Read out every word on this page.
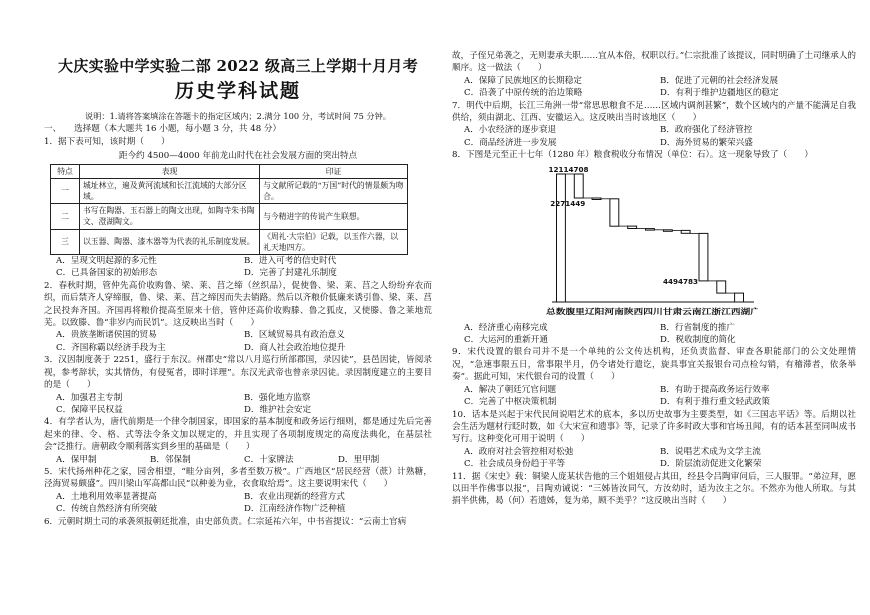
大庆实验中学实验二部 2022 级高三上学期十月月考
历史学科试题
说明：1.请将答案填涂在答题卡的指定区域内；2.满分 100 分，考试时间 75 分钟。
一、　　选择题（本大题共 16 小题，每小题 3 分，共 48 分）

1．据下表可知，该时期（　　）

距今约 4500—4000 年前龙山时代在社会发展方面的突出特点
特点	表现	印证
一	城址林立，遍及黄河流域和长江流域的大部分区域。	与文献所记载的“万国”时代的情景颇为吻合。
二	书写在陶器、玉石器上的陶文出现，如陶寺朱书陶文、澄湖陶文。	与今精进字的传说产生联想。
三	以玉器、陶器、漆木器等为代表的礼乐制度发展。	《周礼·大宗伯》记载，以玉作六器，以礼天地四方。
A．呈现文明起源的多元性	B．进入可考的信史时代
C．已具备国家的初始形态	D．完善了封建礼乐制度

2．春秋时期，管仲先高价收购鲁、梁、莱、莒之缔（丝织品），促使鲁、梁、莱、莒之人纷纷弃农而织，而后禁齐人穿缔服，鲁、梁、莱、莒之缔因而失去销路。然后以齐粮价低廉来诱引鲁、梁、莱、莒之民投奔齐国。齐国再将粮价提高至原来十倍，管仲还高价收购滕、鲁之狐皮，又使滕、鲁之莱地荒芜。以致滕、鲁“非岁内而民饥”。这反映出当时（　　）

A．贵族垄断诸侯国的贸易	B．区域贸易具有政治意义
C．齐国称霸以经济手段为主	D．商人社会政治地位提升

3．汉因制度袭于 2251，盛行于东汉。州郡史“常以八月巡行所部郡国，录囚徒”，县邑因徒，皆阅录视，参考辞状，实其情伪，有侵冤者，即时详理”。东汉光武帝也曾亲录囚徒。录因制度建立的主要目的是（　　）

A．加强君主专制	B．强化地方监察
C．保障平民权益	D．维护社会安定

4．有学者认为，唐代前期是一个律令制国家，即国家的基本制度和政务运行细则，都是通过先后完善起来的律、令、格、式等法令条文加以规定的，并且实现了各项制度规定的高度法典化，在基层社会“泛推行。唐朝政令顺利落实到乡里的基础是（　　）

A．保甲制	B．邻保制	C．十家牌法	D．里甲制

5．宋代扬州种花之家，园舍相望，“畦分亩列，多者至数万极”。广西地区“居民经营（蔗）计熟糖，泾海贸易颇盛”。四川梁山军高都山民“以种姜为业，衣食取给焉”。这主要说明宋代（　　）

A．土地利用效率显著提高	B．农业出现新的经营方式
C．传统自然经济有所突破	D．江南经济作物广泛种植

6．元朝时期土司的承袭须报朝廷批准，由史部负责。仁宗延祐六年，中书省提议：“云南土官病

故，子侄兄弟袭之，无则妻承夫职……宜从本俗，权职以行。”仁宗批准了该提议，同时明确了土司继承人的顺序。这一做法（　　）

A．保障了民族地区的长期稳定	B．促进了元朝的社会经济发展
C．沿袭了中原传统的治边策略	D．有利于维护边疆地区的稳定

7．明代中后期，长江三角洲一带“常思思粮食不足……区域内调剂甚繁”，数个区域内的产量不能满足自我供给，须由湖北、江西、安徽运入。这反映出当时该地区（　　）

A．小农经济的逐步衰退	B．政府强化了经济管控
C．商品经济进一步发展	D．海外贸易的繁荣兴盛

8．下图是元至正十七年（1280 年）粮食税收分布情况（单位：石）。这一现象导致了（　　）

12114708
2271449
4494783
总数腹里辽阳河南陕西四川甘肃云南江浙江西湖广
A．经济重心南移完成	B．行省制度的推广
C．大运河的重新开通	D．税收制度的简化

9．宋代设置的银台司并不是一个单纯的公文传达机构，还负责监督、审查各职能部门的公文处理情况，“急速事限五日，常事限半月，仍令诸处行遣讫，旋具事宜关报银台司点检勾销，有稽滞者，依条举奏”。据此可知，宋代银台司的设置（　　）

A．解决了朝廷冗官问题	B．有助于提高政务运行效率
C．完善了中枢决策机制	D．有利于推行重文轻武政策

10．话本是兴起于宋代民间说唱艺术的底本，多以历史故事为主要类型，如《三国志平话》等。后期以社会生活为题材行眨时数，如《大宋宣和遗事》等，记录了许多时政大事和官场丑闻，有的话本甚至同叫成书写行。这种变化可用于说明（　　）

A．政府对社会管控相对松弛	B．说唱艺术成为文学主流
C．社会成员身份趋于平等	D．阶层流动促进文化繁荣

11．据《宋史》载：铜梁人庞某状告他的三个姐姐侵占其田，经县令吕陶审问后，三人服罪。“弟泣拜，愿以田半作佛事以报”，吕陶劝诫说：“三姊皆汝同气，方汝幼时，适为汝主之尔。不然亦为他人所取。与其捐半供佛，曷（何）若遗姊，复为弟，顾不美乎？”这反映出当时（　　）
